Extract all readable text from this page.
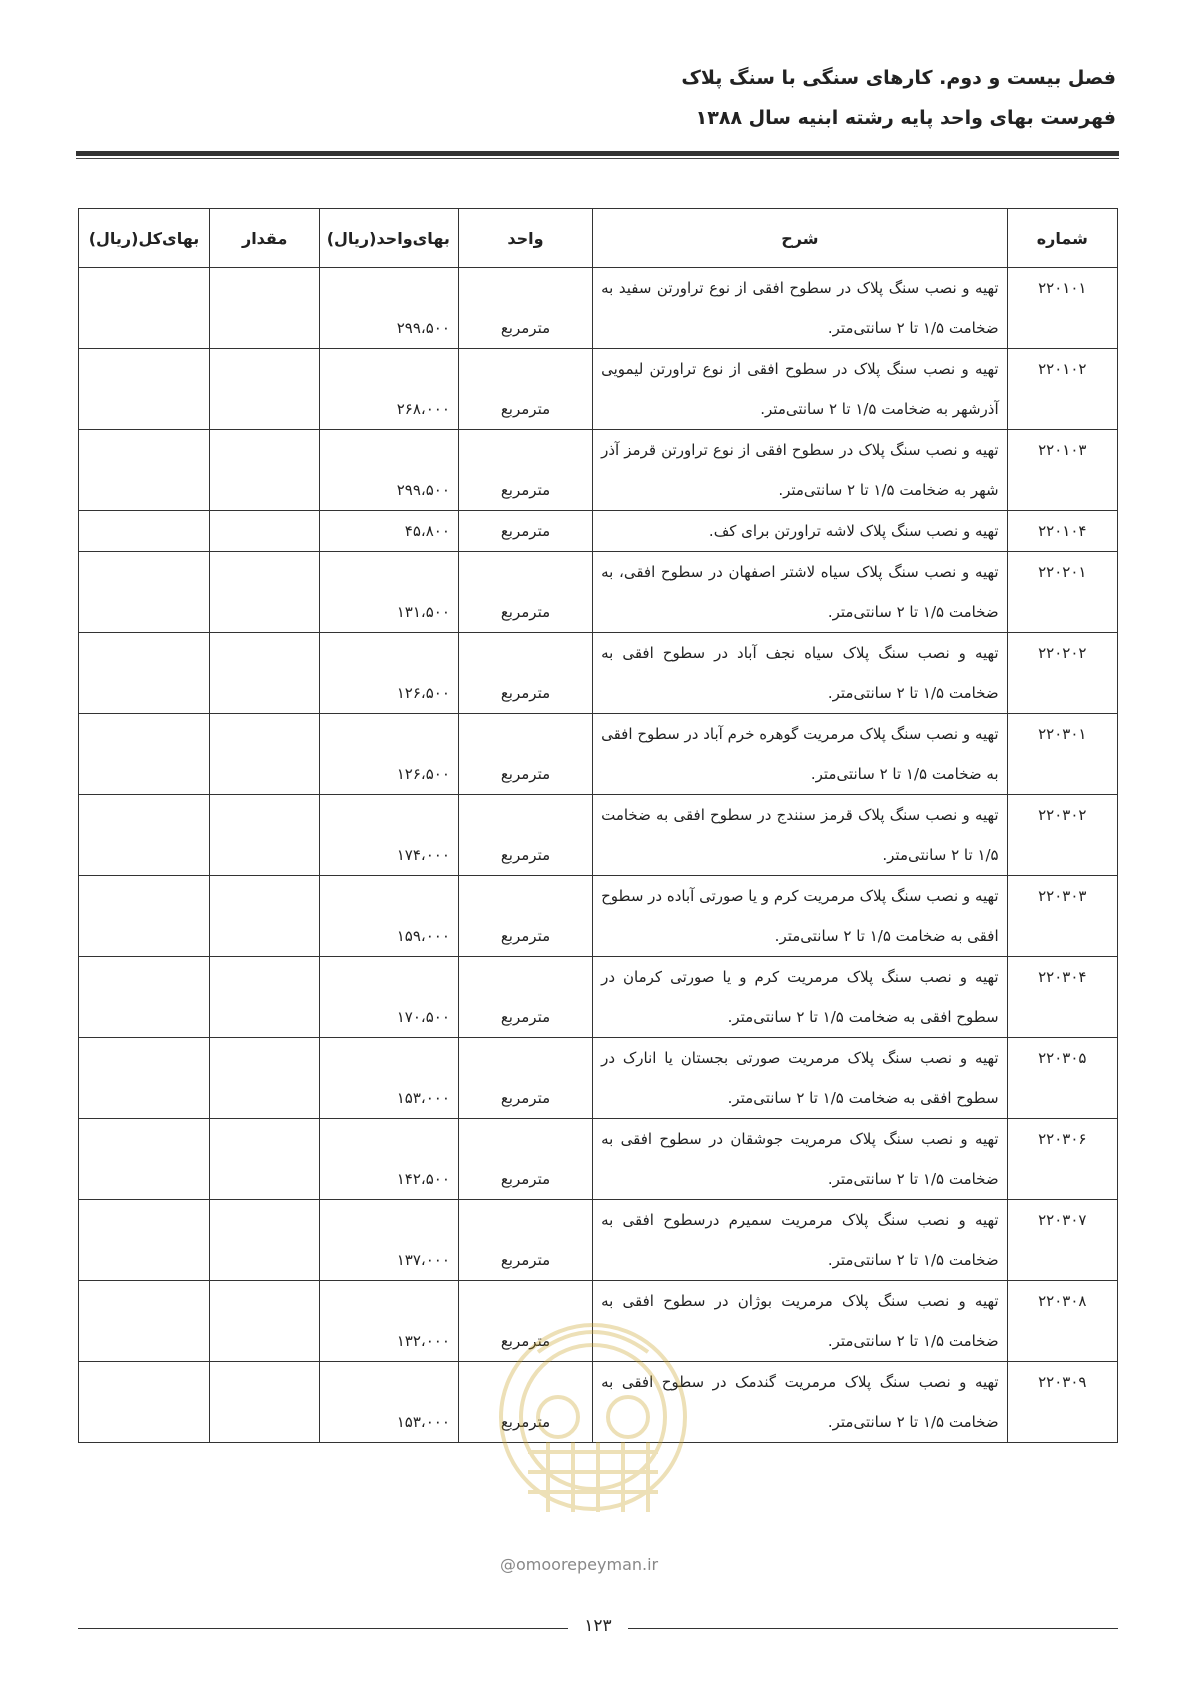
فصل بیست و دوم. کارهای سنگی با سنگ پلاک
فهرست بهای واحد پایه رشته ابنیه سال ۱۳۸۸
شماره	شرح	واحد	بهای‌واحد(ریال)	مقدار	بهای‌کل(ریال)
۲۲۰۱۰۱	تهیه و نصب سنگ پلاک در سطوح افقی از نوع تراورتن سفید به ضخامت ۱/۵ تا ۲ سانتی‌متر.	مترمربع	۲۹۹،۵۰۰		
۲۲۰۱۰۲	تهیه و نصب سنگ پلاک در سطوح افقی از نوع تراورتن لیمویی آذرشهر به ضخامت ۱/۵ تا ۲ سانتی‌متر.	مترمربع	۲۶۸،۰۰۰		
۲۲۰۱۰۳	تهیه و نصب سنگ پلاک در سطوح افقی از نوع تراورتن قرمز آذر شهر به ضخامت ۱/۵ تا ۲ سانتی‌متر.	مترمربع	۲۹۹،۵۰۰		
۲۲۰۱۰۴	تهیه و نصب سنگ پلاک لاشه تراورتن برای کف.	مترمربع	۴۵،۸۰۰		
۲۲۰۲۰۱	تهیه و نصب سنگ پلاک سیاه لاشتر اصفهان در سطوح افقی، به ضخامت ۱/۵ تا ۲ سانتی‌متر.	مترمربع	۱۳۱،۵۰۰		
۲۲۰۲۰۲	تهیه و نصب سنگ پلاک سیاه نجف آباد در سطوح افقی به ضخامت ۱/۵ تا ۲ سانتی‌متر.	مترمربع	۱۲۶،۵۰۰		
۲۲۰۳۰۱	تهیه و نصب سنگ پلاک مرمریت گوهره خرم آباد در سطوح افقی به ضخامت ۱/۵ تا ۲ سانتی‌متر.	مترمربع	۱۲۶،۵۰۰		
۲۲۰۳۰۲	تهیه و نصب سنگ پلاک قرمز سنندج در سطوح افقی به ضخامت ۱/۵ تا ۲ سانتی‌متر.	مترمربع	۱۷۴،۰۰۰		
۲۲۰۳۰۳	تهیه و نصب سنگ پلاک مرمریت کرم و یا صورتی آباده در سطوح افقی به ضخامت ۱/۵ تا ۲ سانتی‌متر.	مترمربع	۱۵۹،۰۰۰		
۲۲۰۳۰۴	تهیه و نصب سنگ پلاک مرمریت کرم و یا صورتی کرمان در سطوح افقی به ضخامت ۱/۵ تا ۲ سانتی‌متر.	مترمربع	۱۷۰،۵۰۰		
۲۲۰۳۰۵	تهیه و نصب سنگ پلاک مرمریت صورتی بجستان یا انارک در سطوح افقی به ضخامت ۱/۵ تا ۲ سانتی‌متر.	مترمربع	۱۵۳،۰۰۰		
۲۲۰۳۰۶	تهیه و نصب سنگ پلاک مرمریت جوشقان در سطوح افقی به ضخامت ۱/۵ تا ۲ سانتی‌متر.	مترمربع	۱۴۲،۵۰۰		
۲۲۰۳۰۷	تهیه و نصب سنگ پلاک مرمریت سمیرم درسطوح افقی به ضخامت ۱/۵ تا ۲ سانتی‌متر.	مترمربع	۱۳۷،۰۰۰		
۲۲۰۳۰۸	تهیه و نصب سنگ پلاک مرمریت بوژان در سطوح افقی به ضخامت ۱/۵ تا ۲ سانتی‌متر.	مترمربع	۱۳۲،۰۰۰		
۲۲۰۳۰۹	تهیه و نصب سنگ پلاک مرمریت گندمک در سطوح افقی به ضخامت ۱/۵ تا ۲ سانتی‌متر.	مترمربع	۱۵۳،۰۰۰		
@omoorepeyman.ir
۱۲۳
